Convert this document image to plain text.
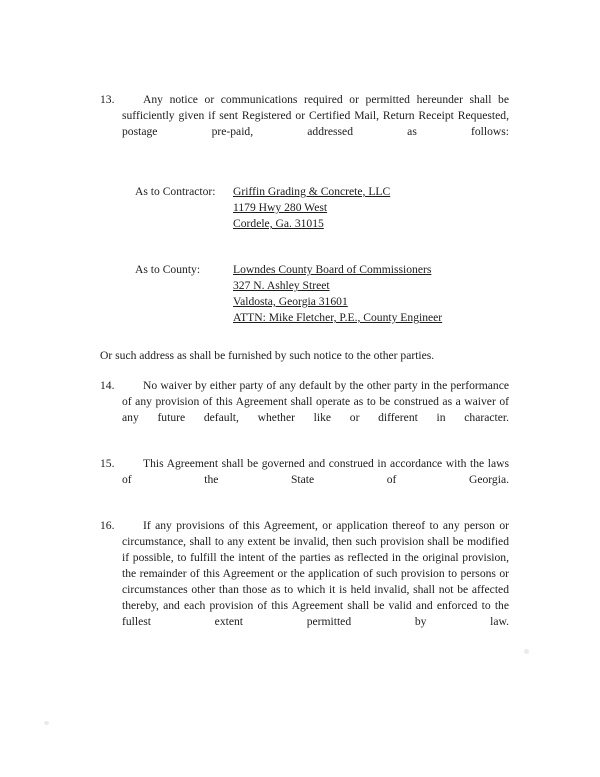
13.	Any notice or communications required or permitted hereunder shall be sufficiently given if sent Registered or Certified Mail, Return Receipt Requested, postage pre-paid, addressed as follows:
As to Contractor:	Griffin Grading & Concrete, LLC
1179 Hwy 280 West
Cordele, Ga. 31015
As to County:	Lowndes County Board of Commissioners
327 N. Ashley Street
Valdosta, Georgia 31601
ATTN: Mike Fletcher, P.E., County Engineer
Or such address as shall be furnished by such notice to the other parties.
14.	No waiver by either party of any default by the other party in the performance of any provision of this Agreement shall operate as to be construed as a waiver of any future default, whether like or different in character.
15.	This Agreement shall be governed and construed in accordance with the laws of the State of Georgia.
16.	If any provisions of this Agreement, or application thereof to any person or circumstance, shall to any extent be invalid, then such provision shall be modified if possible, to fulfill the intent of the parties as reflected in the original provision, the remainder of this Agreement or the application of such provision to persons or circumstances other than those as to which it is held invalid, shall not be affected thereby, and each provision of this Agreement shall be valid and enforced to the fullest extent permitted by law.
